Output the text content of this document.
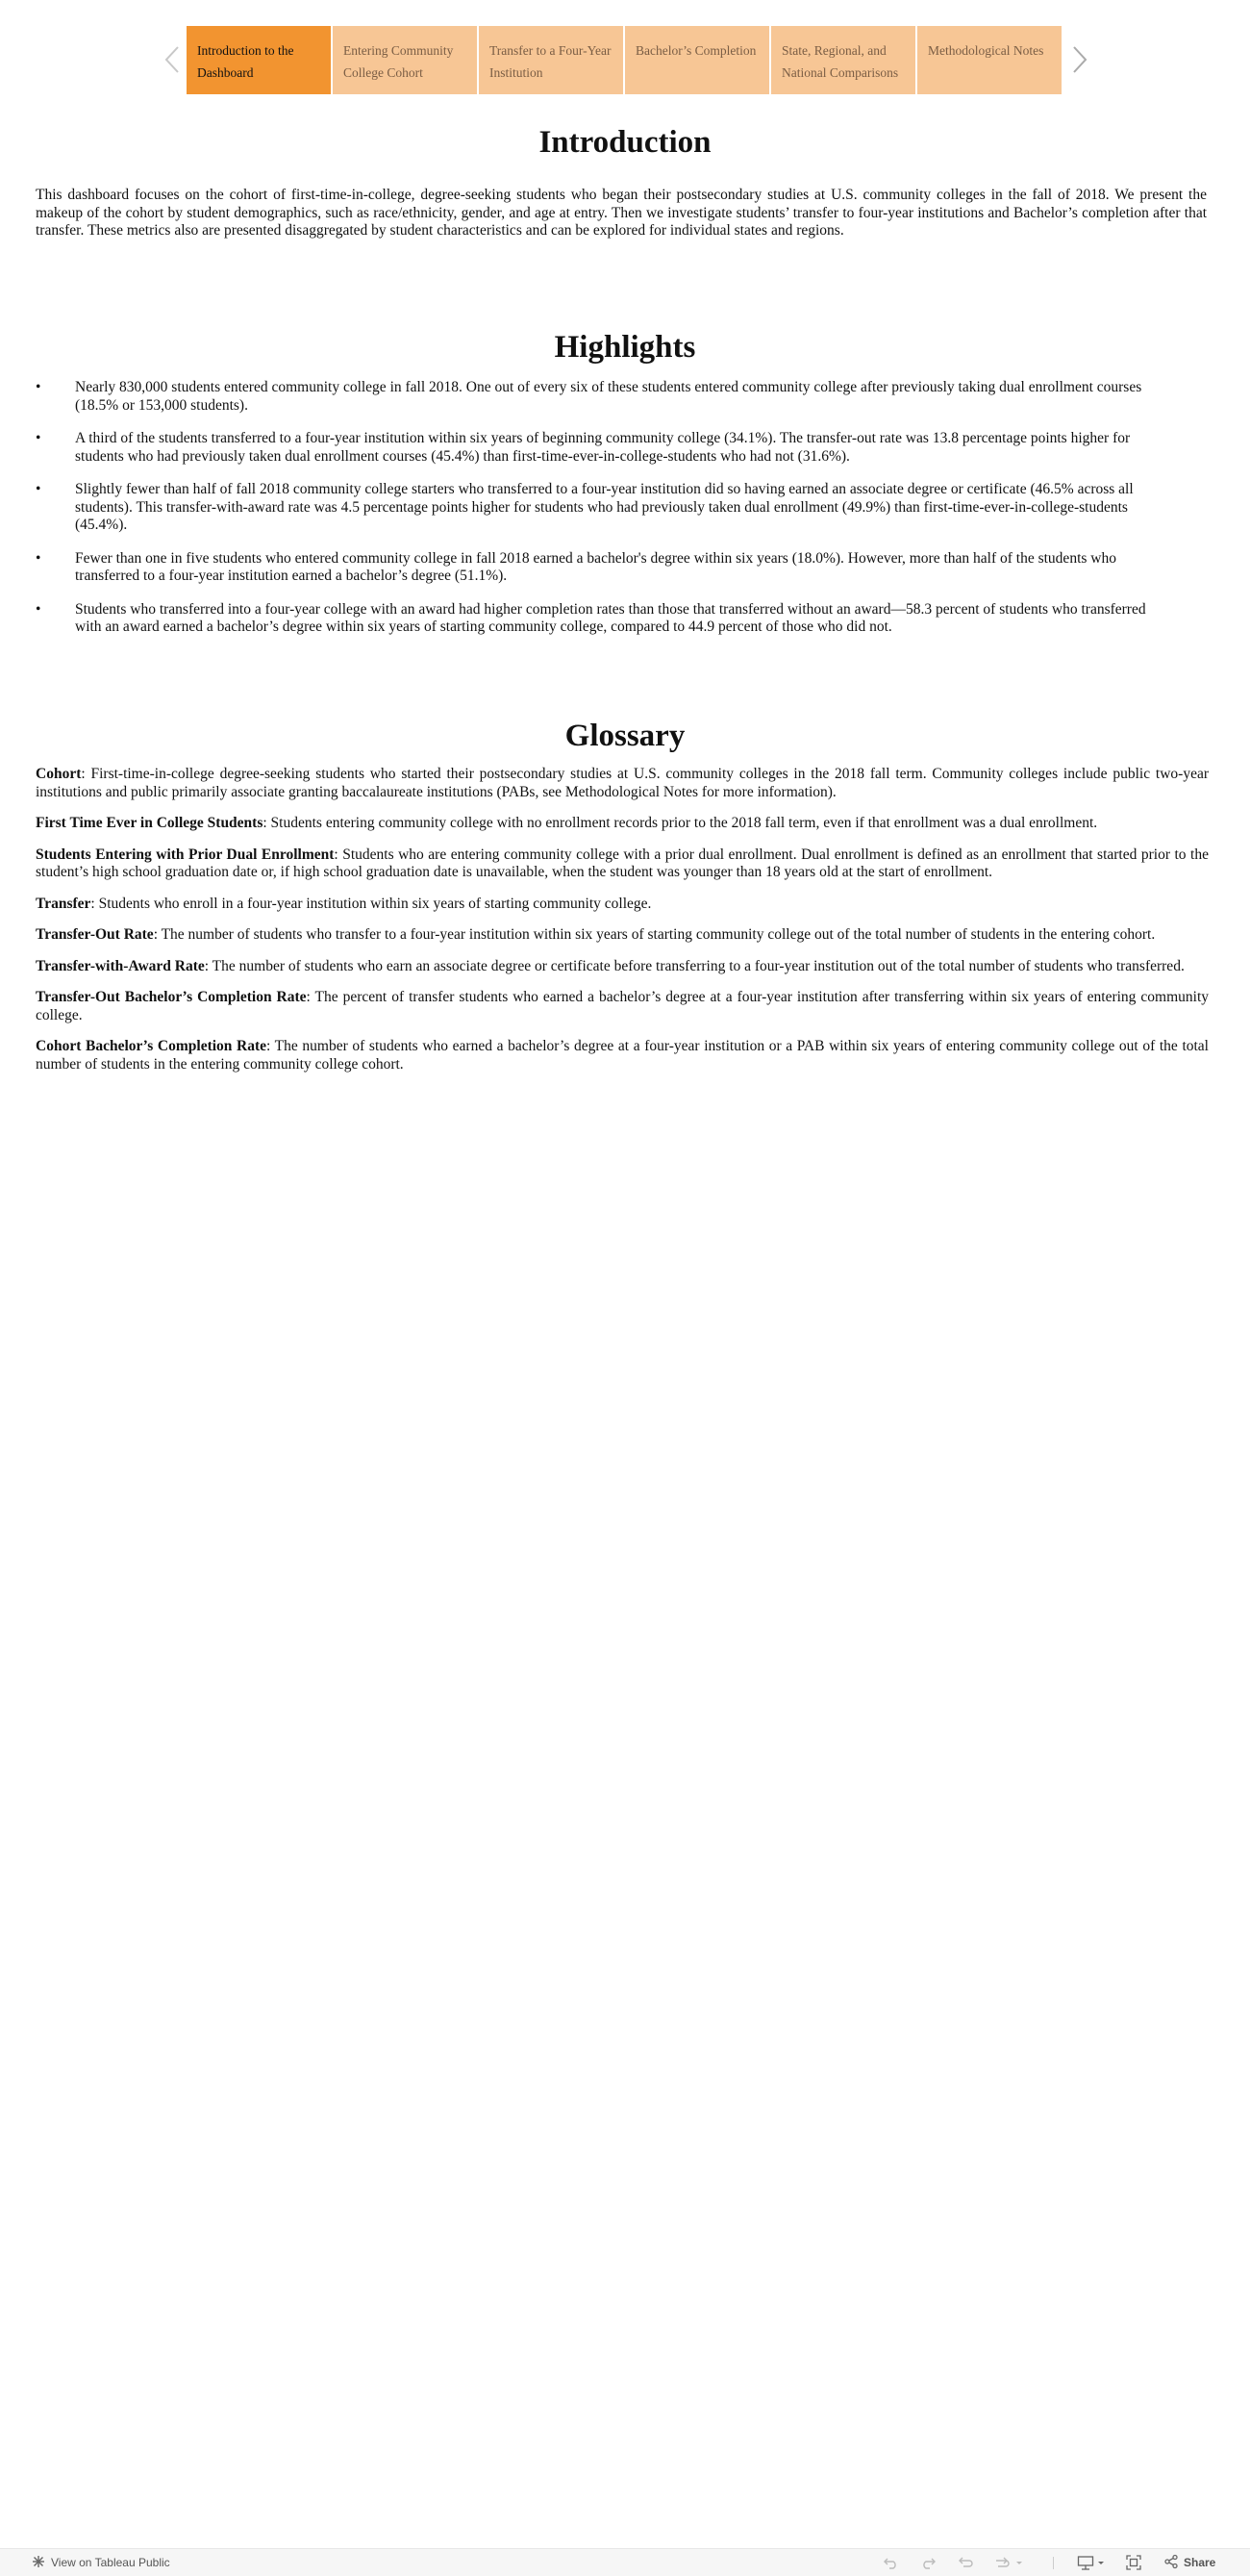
Introduction to the Dashboard
Entering Community College Cohort
Transfer to a Four-Year Institution
Bachelor’s Completion	State, Regional, and National Comparisons
Methodological Notes
Introduction

This dashboard focuses on the cohort of first-time-in-college, degree-seeking students who began their postsecondary studies at U.S. community colleges in the fall of 2018. We present the makeup of the cohort by student demographics, such as race/ethnicity, gender, and age at entry. Then we investigate students’ transfer to four-year institutions and Bachelor’s completion after that transfer. These metrics also are presented disaggregated by student characteristics and can be explored for individual states and regions.

Highlights
• Nearly 830,000 students entered community college in fall 2018. One out of every six of these students entered community college after previously taking dual enrollment courses (18.5% or 153,000 students).
• A third of the students transferred to a four-year institution within six years of beginning community college (34.1%). The transfer-out rate was 13.8 percentage points higher for students who had previously taken dual enrollment courses (45.4%) than first-time-ever-in-college-students who had not (31.6%).
• Slightly fewer than half of fall 2018 community college starters who transferred to a four-year institution did so having earned an associate degree or certificate (46.5% across all students). This transfer-with-award rate was 4.5 percentage points higher for students who had previously taken dual enrollment (49.9%) than first-time-ever-in-college-students (45.4%).
• Fewer than one in five students who entered community college in fall 2018 earned a bachelor's degree within six years (18.0%). However, more than half of the students who transferred to a four-year institution earned a bachelor’s degree (51.1%).
• Students who transferred into a four-year college with an award had higher completion rates than those that transferred without an award—58.3 percent of students who transferred with an award earned a bachelor’s degree within six years of starting community college, compared to 44.9 percent of those who did not.
Glossary

Cohort: First-time-in-college degree-seeking students who started their postsecondary studies at U.S. community colleges in the 2018 fall term. Community colleges include public two-year institutions and public primarily associate granting baccalaureate institutions (PABs, see Methodological Notes for more information).

First Time Ever in College Students: Students entering community college with no enrollment records prior to the 2018 fall term, even if that enrollment was a dual enrollment.

Students Entering with Prior Dual Enrollment: Students who are entering community college with a prior dual enrollment. Dual enrollment is defined as an enrollment that started prior to the student’s high school graduation date or, if high school graduation date is unavailable, when the student was younger than 18 years old at the start of enrollment.

Transfer: Students who enroll in a four-year institution within six years of starting community college.

Transfer-Out Rate: The number of students who transfer to a four-year institution within six years of starting community college out of the total number of students in the entering cohort.

Transfer-with-Award Rate: The number of students who earn an associate degree or certificate before transferring to a four-year institution out of the total number of students who transferred.

Transfer-Out Bachelor’s Completion Rate: The percent of transfer students who earned a bachelor’s degree at a four-year institution after transferring within six years of entering community college.

Cohort Bachelor’s Completion Rate: The number of students who earned a bachelor’s degree at a four-year institution or a PAB within six years of entering community college out of the total number of students in the entering community college cohort.

View on Tableau Public	Share
